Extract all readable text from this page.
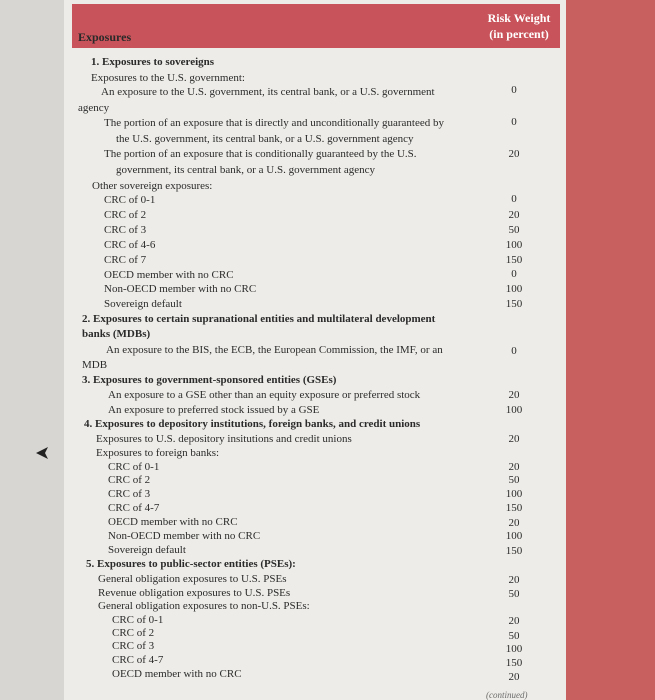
Risk Weight
(in percent)
Exposures
1. Exposures to sovereigns
Exposures to the U.S. government:
An exposure to the U.S. government, its central bank, or a U.S. government	0
agency
The portion of an exposure that is directly and unconditionally guaranteed by	0
the U.S. government, its central bank, or a U.S. government agency
The portion of an exposure that is conditionally guaranteed by the U.S.	20
government, its central bank, or a U.S. government agency
Other sovereign exposures:
CRC of 0-1	0
CRC of 2	20
CRC of 3	50
CRC of 4-6	100
CRC of 7	150
OECD member with no CRC	0
Non-OECD member with no CRC	100
Sovereign default	150
2. Exposures to certain supranational entities and multilateral development
banks (MDBs)
An exposure to the BIS, the ECB, the European Commission, the IMF, or an	0
MDB
3. Exposures to government-sponsored entities (GSEs)
An exposure to a GSE other than an equity exposure or preferred stock	20
An exposure to preferred stock issued by a GSE	100
4. Exposures to depository institutions, foreign banks, and credit unions
Exposures to U.S. depository insitutions and credit unions	20
Exposures to foreign banks:
CRC of 0-1	20
CRC of 2	50
CRC of 3	100
CRC of 4-7	150
OECD member with no CRC	20
Non-OECD member with no CRC	100
Sovereign default	150
5. Exposures to public-sector entities (PSEs):
General obligation exposures to U.S. PSEs	20
Revenue obligation exposures to U.S. PSEs	50
General obligation exposures to non-U.S. PSEs:
CRC of 0-1	20
CRC of 2	50
CRC of 3	100
CRC of 4-7	150
OECD member with no CRC	20
(continued)
